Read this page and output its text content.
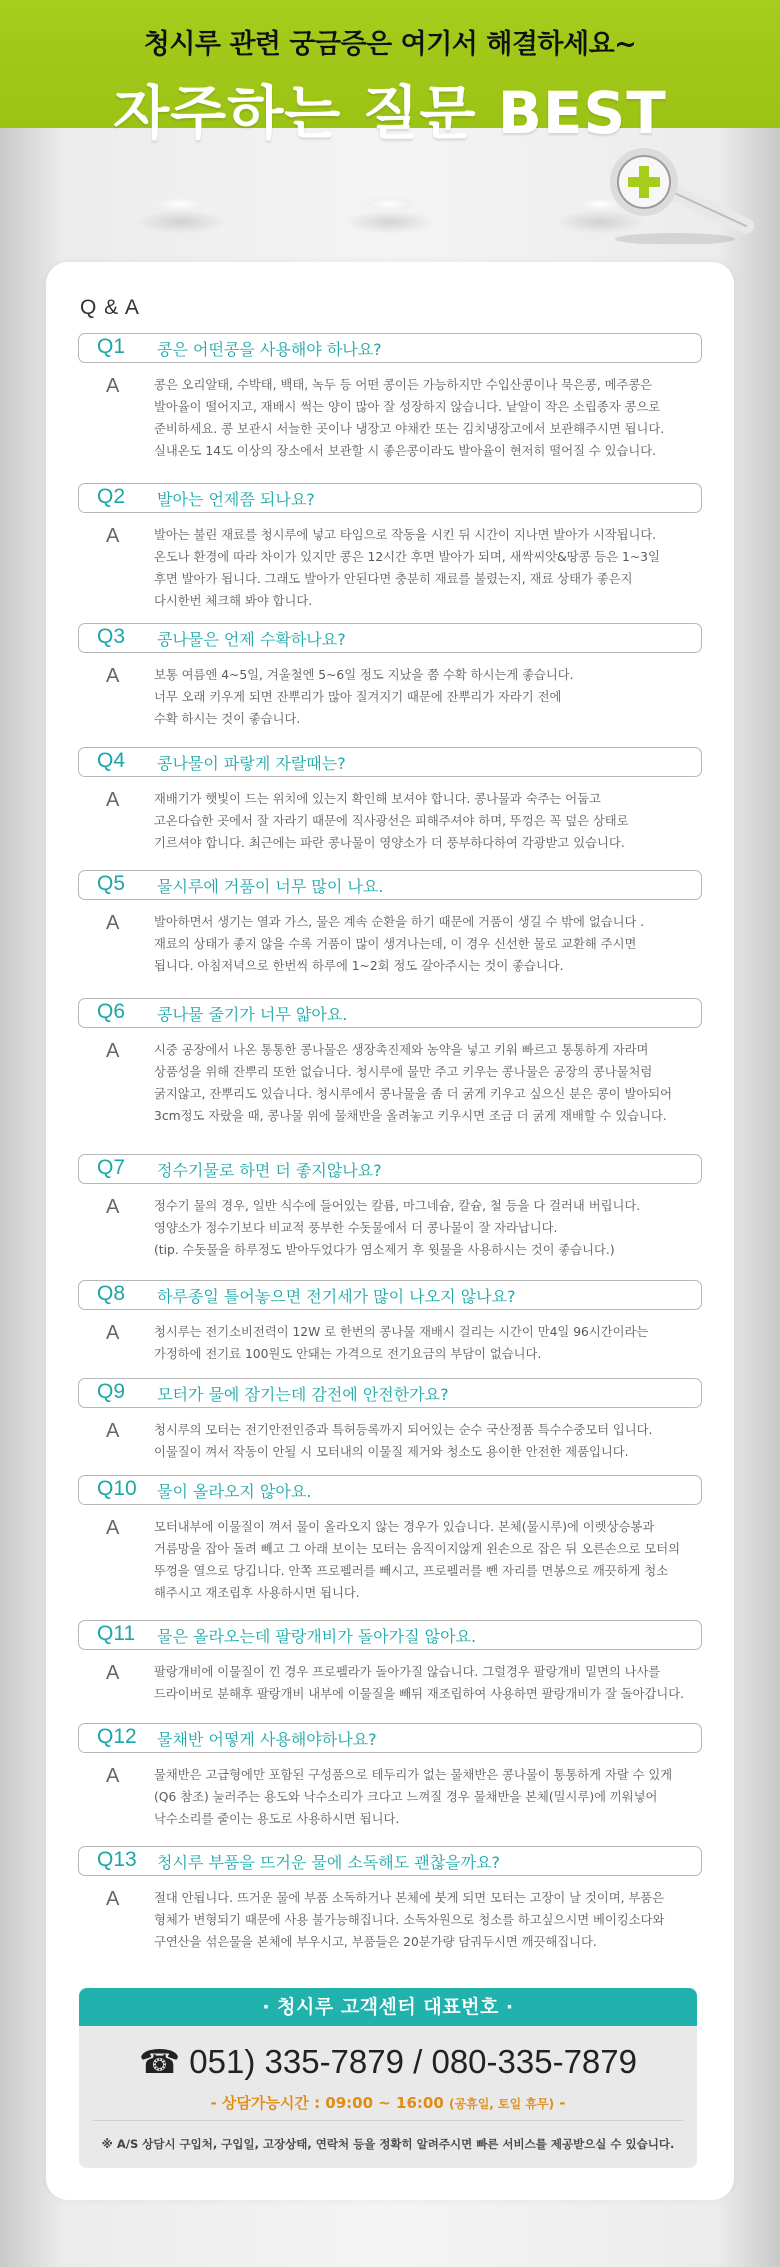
청시루 관련 궁금증은 여기서 해결하세요~
자주하는 질문 BEST
Q & A
Q1 콩은 어떤콩을 사용해야 하나요?
A	콩은 오리알태, 수박태, 백태, 녹두 등 어떤 콩이든 가능하지만 수입산콩이나 묵은콩, 메주콩은
발아율이 떨어지고, 재배시 썩는 양이 많아 잘 성장하지 않습니다. 낱알이 작은 소립종자 콩으로
준비하세요. 콩 보관시 서늘한 곳이나 냉장고 야채칸 또는 김치냉장고에서 보관해주시면 됩니다.
실내온도 14도 이상의 장소에서 보관할 시 좋은콩이라도 발아율이 현저히 떨어질 수 있습니다.
Q2 발아는 언제쯤 되나요?
A	발아는 불린 재료를 청시루에 넣고 타임으로 작동을 시킨 뒤 시간이 지나면 발아가 시작됩니다.
온도나 환경에 따라 차이가 있지만 콩은 12시간 후면 발아가 되며, 새싹씨앗&땅콩 등은 1~3일
후면 발아가 됩니다. 그래도 발아가 안된다면 충분히 재료를 불렸는지, 재료 상태가 좋은지
다시한번 체크해 봐야 합니다.
Q3 콩나물은 언제 수확하나요?
A	보통 여름엔 4~5일, 겨울철엔 5~6일 정도 지났을 쯤 수확 하시는게 좋습니다.
너무 오래 키우게 되면 잔뿌리가 많아 질겨지기 때문에 잔뿌리가 자라기 전에
수확 하시는 것이 좋습니다.
Q4 콩나물이 파랗게 자랄때는?
A	재배기가 햇빛이 드는 위치에 있는지 확인해 보셔야 합니다. 콩나물과 숙주는 어둡고
고온다습한 곳에서 잘 자라기 때문에 직사광선은 피해주셔야 하며, 뚜껑은 꼭 덮은 상태로
기르셔야 합니다. 최근에는 파란 콩나물이 영양소가 더 풍부하다하여 각광받고 있습니다.
Q5 물시루에 거품이 너무 많이 나요.
A	발아하면서 생기는 열과 가스, 물은 계속 순환을 하기 때문에 거품이 생길 수 밖에 없습니다 .
재료의 상태가 좋지 않을 수록 거품이 많이 생겨나는데, 이 경우 신선한 물로 교환해 주시면
됩니다. 아침저녁으로 한번씩 하루에 1~2회 정도 갈아주시는 것이 좋습니다.
Q6 콩나물 줄기가 너무 얇아요.
A	시중 공장에서 나온 통통한 콩나물은 생장촉진제와 농약을 넣고 키워 빠르고 통통하게 자라며
상품성을 위해 잔뿌리 또한 없습니다. 청시루에 물만 주고 키우는 콩나물은 공장의 콩나물처럼
굵지않고, 잔뿌리도 있습니다. 청시루에서 콩나물을 좀 더 굵게 키우고 싶으신 분은 콩이 발아되어
3cm정도 자랐을 때, 콩나물 위에 물채반을 올려놓고 키우시면 조금 더 굵게 재배할 수 있습니다.
Q7 정수기물로 하면 더 좋지않나요?
A	정수기 물의 경우, 일반 식수에 들어있는 칼륨, 마그네슘, 칼슘, 철 등을 다 걸러내 버립니다.
영양소가 정수기보다 비교적 풍부한 수돗물에서 더 콩나물이 잘 자라납니다.
(tip. 수돗물을 하루정도 받아두었다가 염소제거 후 윗물을 사용하시는 것이 좋습니다.)
Q8 하루종일 틀어놓으면 전기세가 많이 나오지 않나요?
A	청시루는 전기소비전력이 12W 로 한번의 콩나물 재배시 걸리는 시간이 만4일 96시간이라는
가정하에 전기료 100원도 안돼는 가격으로 전기요금의 부담이 없습니다.
Q9 모터가 물에 잠기는데 감전에 안전한가요?
A	청시루의 모터는 전기안전인증과 특허등록까지 되어있는 순수 국산정품 특수수중모터 입니다.
이물질이 껴서 작동이 안될 시 모터내의 이물질 제거와 청소도 용이한 안전한 제품입니다.
Q10 물이 올라오지 않아요.
A	모터내부에 이물질이 껴서 물이 올라오지 않는 경우가 있습니다. 본체(물시루)에 이렛상승봉과
거름망을 잡아 돌려 빼고 그 아래 보이는 모터는 움직이지않게 왼손으로 잡은 뒤 오른손으로 모터의
뚜껑을 열으로 당깁니다. 안쪽 프로펠러를 빼시고, 프로펠러를 뺀 자리를 면봉으로 깨끗하게 청소
해주시고 재조립후 사용하시면 됩니다.
Q11 물은 올라오는데 팔랑개비가 돌아가질 않아요.
A	팔랑개비에 이물질이 낀 경우 프로펠라가 돌아가질 않습니다. 그럴경우 팔랑개비 밑면의 나사를
드라이버로 분해후 팔랑개비 내부에 이물질을 빼뒤 재조립하여 사용하면 팔랑개비가 잘 돌아갑니다.
Q12 물채반 어떻게 사용해야하나요?
A	물채반은 고급형에만 포함된 구성품으로 테두리가 없는 물채반은 콩나물이 통통하게 자랄 수 있게
(Q6 참조) 눌러주는 용도와 낙수소리가 크다고 느껴질 경우 물채반을 본체(밀시루)에 끼워넣어
낙수소리를 줄이는 용도로 사용하시면 됩니다.
Q13 청시루 부품을 뜨거운 물에 소독해도 괜찮을까요?
A	절대 안됩니다. 뜨거운 물에 부품 소독하거나 본체에 붓게 되면 모터는 고장이 날 것이며, 부품은
형체가 변형되기 때문에 사용 불가능해집니다. 소독차원으로 청소를 하고싶으시면 베이킹소다와
구연산을 섞은물을 본체에 부우시고, 부품들은 20분가량 담궈두시면 깨끗해집니다.
· 청시루 고객센터 대표번호 ·
☎ 051) 335-7879 / 080-335-7879
- 상담가능시간 : 09:00 ~ 16:00 (공휴일, 토일 휴무) -
※ A/S 상담시 구입처, 구입일, 고장상태, 연락처 등을 정확히 알려주시면 빠른 서비스를 제공받으실 수 있습니다.
